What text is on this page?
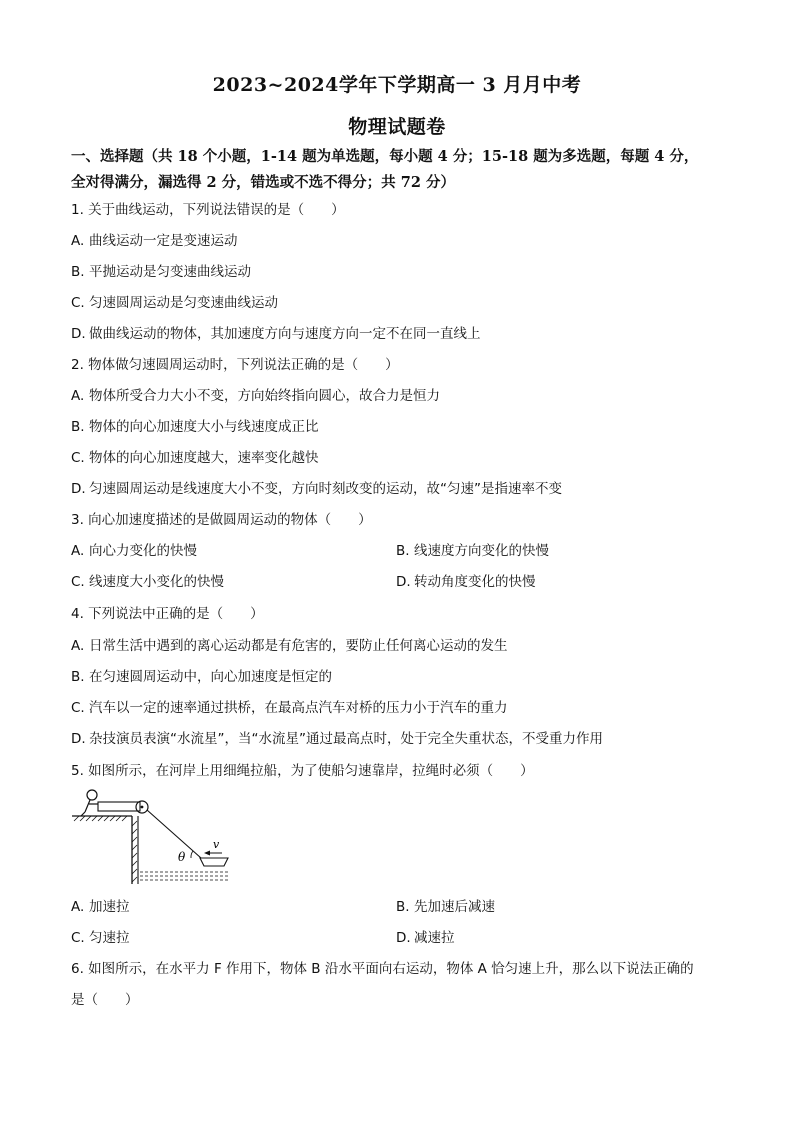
2023~2024学年下学期高一 3 月月中考
物理试题卷
一、选择题（共 18 个小题，1-14 题为单选题，每小题 4 分；15-18 题为多选题，每题 4 分，
全对得满分，漏选得 2 分，错选或不选不得分；共 72 分）
1. 关于曲线运动，下列说法错误的是（　　）
A. 曲线运动一定是变速运动
B. 平抛运动是匀变速曲线运动
C. 匀速圆周运动是匀变速曲线运动
D. 做曲线运动的物体，其加速度方向与速度方向一定不在同一直线上
2. 物体做匀速圆周运动时，下列说法正确的是（　　）
A. 物体所受合力大小不变，方向始终指向圆心，故合力是恒力
B. 物体的向心加速度大小与线速度成正比
C. 物体的向心加速度越大，速率变化越快
D. 匀速圆周运动是线速度大小不变，方向时刻改变的运动，故“匀速”是指速率不变
3. 向心加速度描述的是做圆周运动的物体（　　）
A. 向心力变化的快慢	B. 线速度方向变化的快慢
C. 线速度大小变化的快慢	D. 转动角度变化的快慢
4. 下列说法中正确的是（　　）
A. 日常生活中遇到的离心运动都是有危害的，要防止任何离心运动的发生
B. 在匀速圆周运动中，向心加速度是恒定的
C. 汽车以一定的速率通过拱桥，在最高点汽车对桥的压力小于汽车的重力
D. 杂技演员表演“水流星”，当“水流星”通过最高点时，处于完全失重状态，不受重力作用
5. 如图所示，在河岸上用细绳拉船，为了使船匀速靠岸，拉绳时必须（　　）
θ
v
A. 加速拉	B. 先加速后减速
C. 匀速拉	D. 减速拉
6. 如图所示，在水平力 F 作用下，物体 B 沿水平面向右运动，物体 A 恰匀速上升，那么以下说法正确的
是（　　）
